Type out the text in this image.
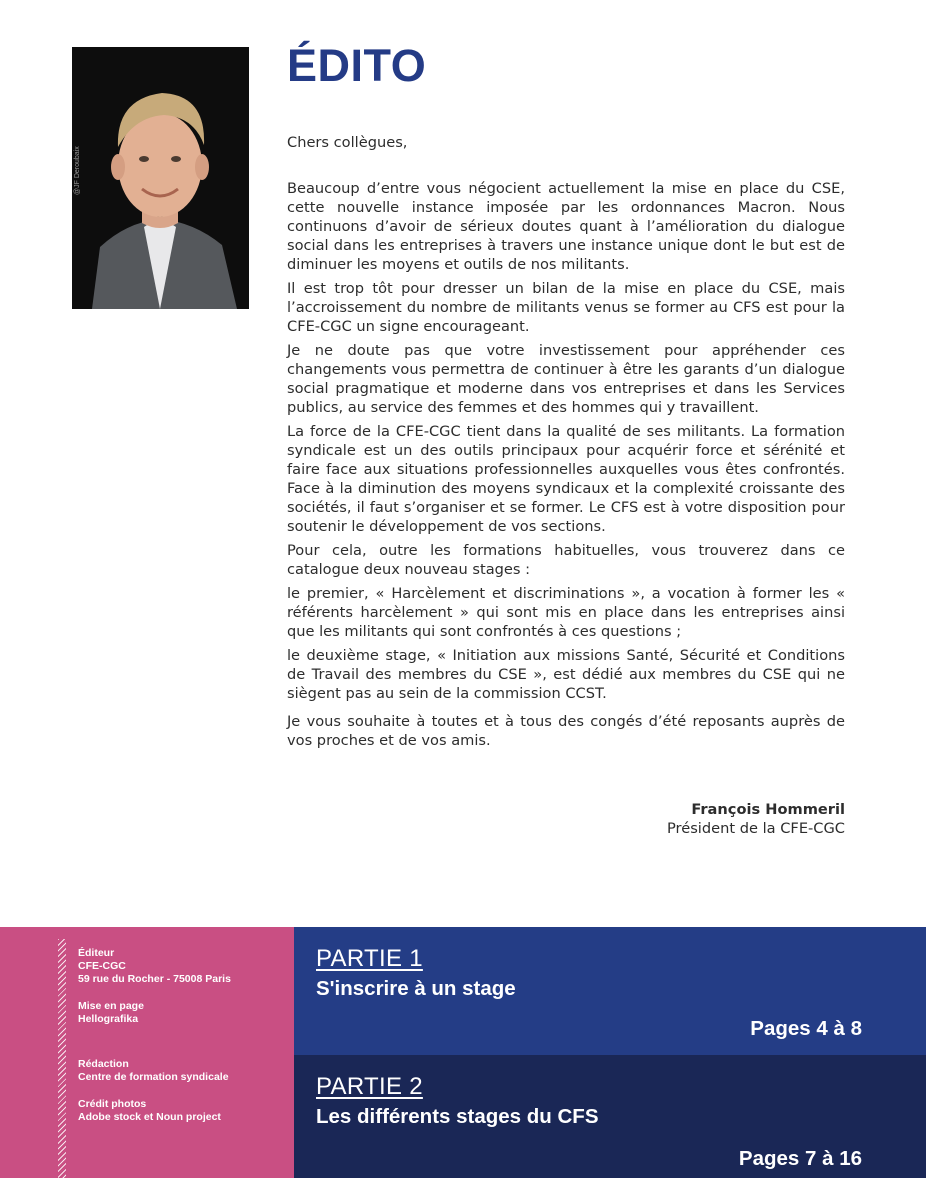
@JF Deroubaix
ÉDITO

Chers collègues,

Beaucoup d’entre vous négocient actuellement la mise en place du CSE, cette nouvelle instance imposée par les ordonnances Macron. Nous continuons d’avoir de sérieux doutes quant à l’amélioration du dialogue social dans les entreprises à travers une instance unique dont le but est de diminuer les moyens et outils de nos militants.

Il est trop tôt pour dresser un bilan de la mise en place du CSE, mais l’accroissement du nombre de militants venus se former au CFS est pour la CFE-CGC un signe encourageant.

Je ne doute pas que votre investissement pour appréhender ces changements vous permettra de continuer à être les garants d’un dialogue social pragmatique et moderne dans vos entreprises et dans les Services publics, au service des femmes et des hommes qui y travaillent.

La force de la CFE-CGC tient dans la qualité de ses militants. La formation syndicale est un des outils principaux pour acquérir force et sérénité et faire face aux situations professionnelles auxquelles vous êtes confrontés. Face à la diminution des moyens syndicaux et la complexité croissante des sociétés, il faut s’organiser et se former. Le CFS est à votre disposition pour soutenir le développement de vos sections.

Pour cela, outre les formations habituelles, vous trouverez dans ce catalogue deux nouveau stages :

le premier, « Harcèlement et discriminations », a vocation à former les « référents harcèlement » qui sont mis en place dans les entreprises ainsi que les militants qui sont confrontés à ces questions ;

le deuxième stage, « Initiation aux missions Santé, Sécurité et Conditions de Travail des membres du CSE », est dédié aux membres du CSE qui ne siègent pas au sein de la commission CCST.

Je vous souhaite à toutes et à tous des congés d’été reposants auprès de vos proches et de vos amis.

François Hommeril
Président de la CFE-CGC
Éditeur
CFE-CGC
59 rue du Rocher - 75008 Paris
Mise en page
Hellografika
Rédaction
Centre de formation syndicale
Crédit photos
Adobe stock et Noun project
PARTIE 1
S'inscrire à un stage
Pages 4 à 8
PARTIE 2
Les différents stages du CFS
Pages 7 à 16
